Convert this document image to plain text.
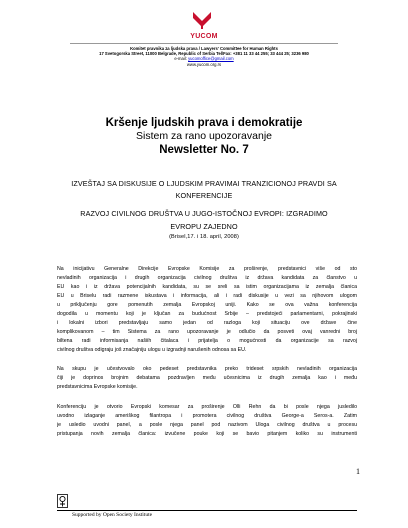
YUCOM
Komitet pravnika za ljudska prava / Lawyers' Committee for Human Rights
17 Svetogorska Street, 11000 Belgrade, Republic of Serbia Tel/Fax: +381 11 33 44 255; 33 444 25; 3236 980
e-mail: yucomoffice@gmail.com
www.yucom.org.rs
Kršenje ljudskih prava i demokratije
Sistem za rano upozoravanje
Newsletter No. 7
IZVEŠTAJ SA DISKUSIJE O LJUDSKIM PRAVIMAI TRANZICIONOJ PRAVDI SA
KONFERENCIJE
RAZVOJ CIVILNOG DRUŠTVA U JUGO-ISTOČNOJ EVROPI: IZGRADIMO
EVROPU ZAJEDNO
(Brisel,17. i 18. april, 2008)
Na inicijativu Generalne Direkcije Evropske Komisije za proširenje, predstavnici više od sto
nevladinih organizacija i drugih organizacija civilnog društva iz država kandidata za članstvo u
EU kao i iz država potencijalnih kandidata, su se sreli sa istim organizacijama iz zemalja članica
EU u Briselu radi razmene iskustava i informacija, ali i radi diskusije u vezi sa njihovom ulogom
u priključenju gore pomenutih zemalja Evropskoj uniji. Kako se ova važna konferencija
dogodila u momentu koji je ključan za budućnost Srbije – predstojeći parlamentarni, pokrajinski
i lokalni izbori predstavljaju samo jedan od razloga koji situaciju ove države čine
komplikovanom – tim Sistema za rano upozoravanje je odlučio da posveti ovaj vanredni broj
biltena radi informisanja našiih čitalaca i prijatelja o mogućnosti da organizacije sa razvoj
civilnog društva odigraju još značajniju ulogu u izgradnji narušenih odnosa sa EU.
Na skupu je učestvovalo oko pedeset predstavnika preko trideset srpskih nevladinih organizacija
čiji je doprinos brojnim debatama pozdravljen među učesnicima iz drugih zemalja kao i među
predstavnicima Evropske komisije.
Konferenciju je otvorio Evropski komesar za proširenje Olli Rehn da bi posle njega jusledilo
uvodno izlaganje ameriškog filantropa i promotera civilnog društva George-a Seros-a. Zatim
je usledio uvodni panel, a posle njega panel pod nazivom Uloga civilnog društva u procesu
pristupanja novih zemalja članica: izvučene pouke koji se bavio pitanjem koliko su instrumenti
1
Supported by Open Society Institute
